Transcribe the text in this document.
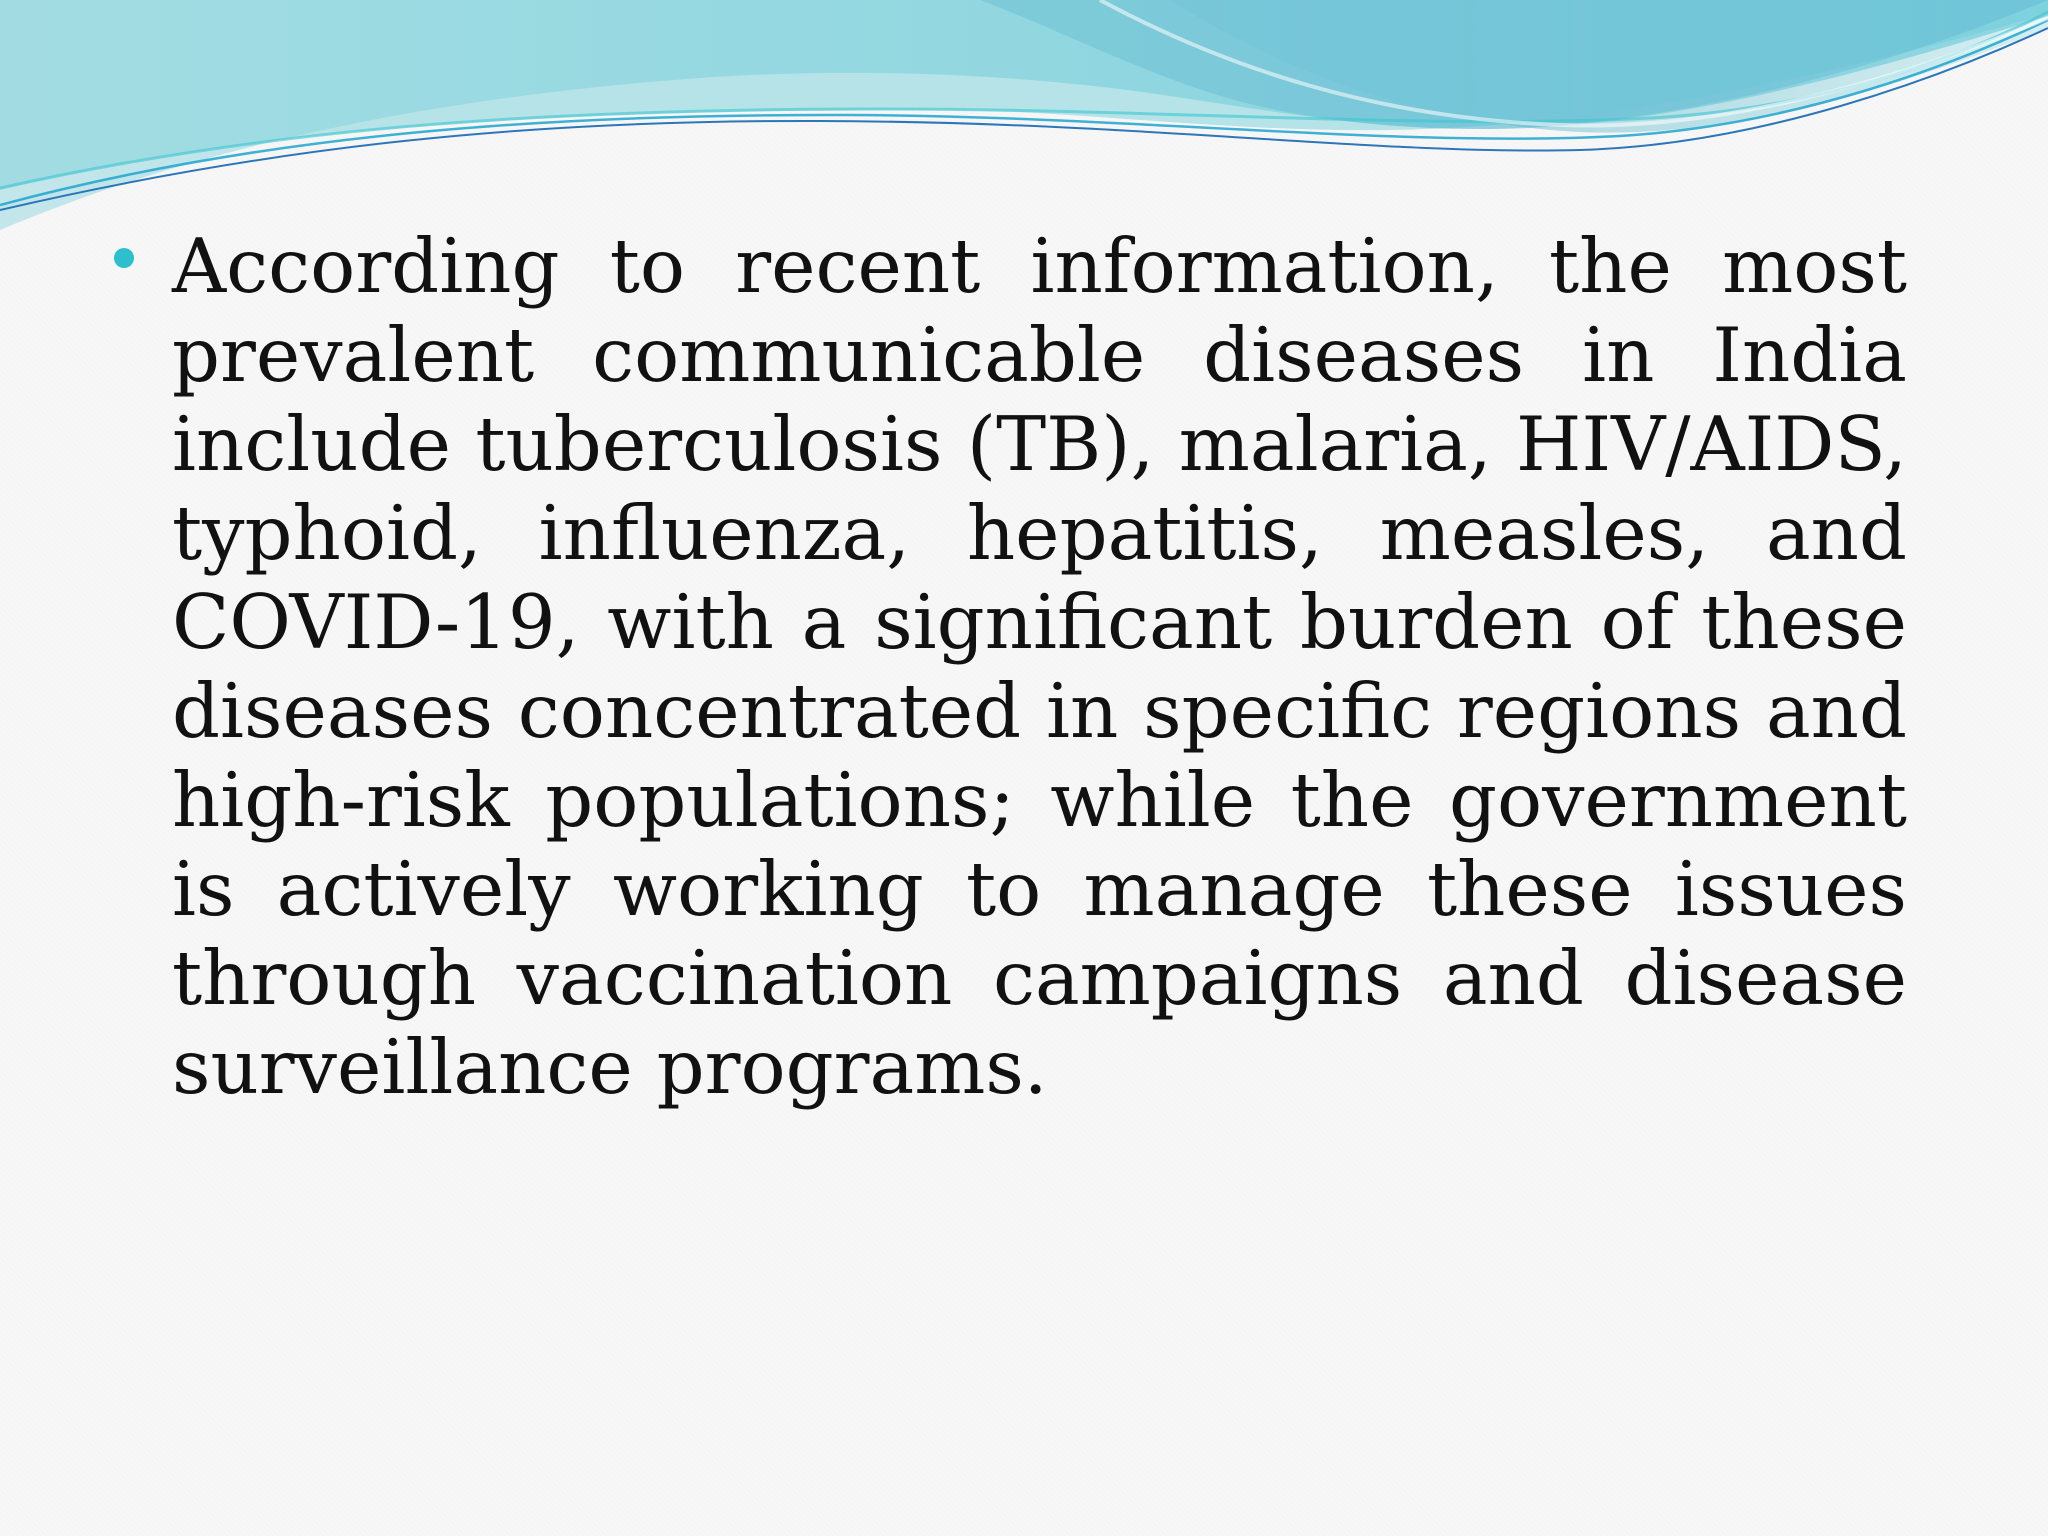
According to recent information, the most prevalent communicable diseases in India include tuberculosis (TB), malaria, HIV/AIDS, typhoid, influenza, hepatitis, measles, and COVID-19, with a significant burden of these diseases concentrated in specific regions and high-risk populations; while the government is actively working to manage these issues through vaccination campaigns and disease surveillance programs.
